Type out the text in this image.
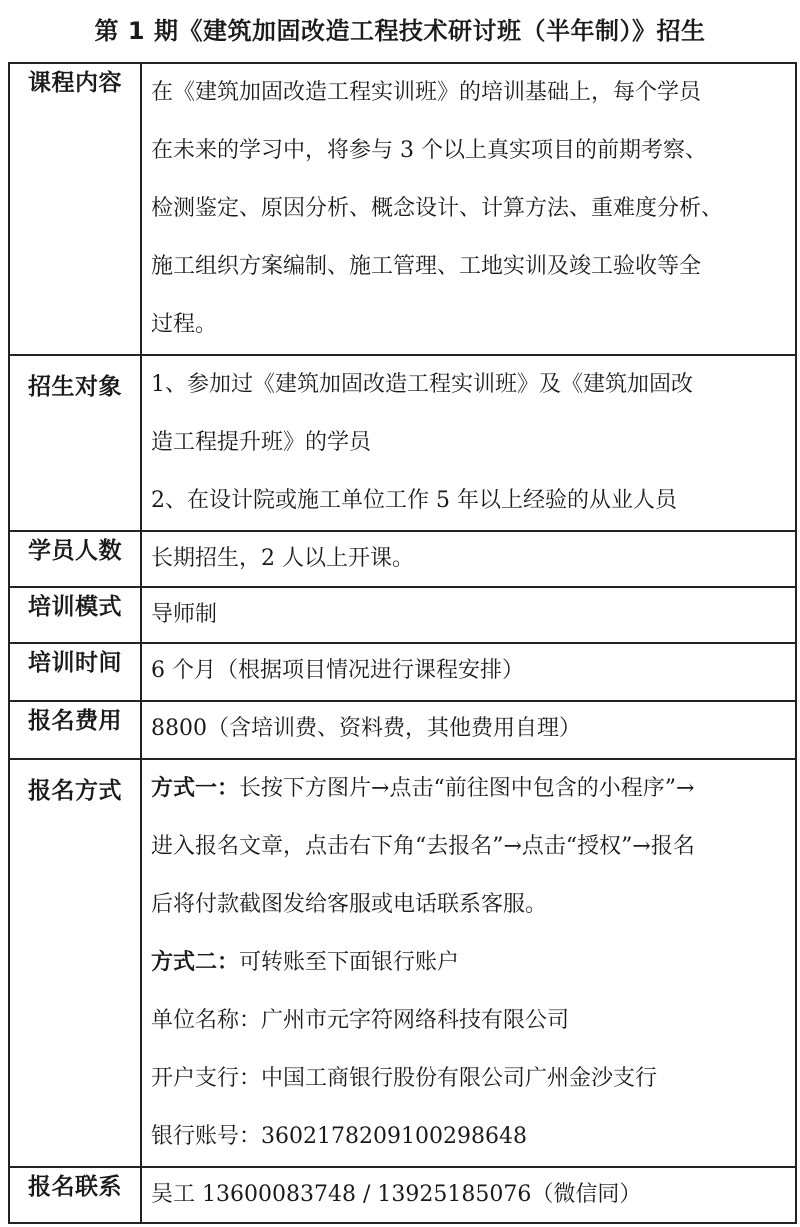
第 1 期《建筑加固改造工程技术研讨班（半年制）》招生
课程内容	在《建筑加固改造工程实训班》的培训基础上，每个学员
在未来的学习中，将参与 3 个以上真实项目的前期考察、
检测鉴定、原因分析、概念设计、计算方法、重难度分析、
施工组织方案编制、施工管理、工地实训及竣工验收等全
过程。

招生对象	1、参加过《建筑加固改造工程实训班》及《建筑加固改
造工程提升班》的学员
2、在设计院或施工单位工作 5 年以上经验的从业人员

学员人数	长期招生，2 人以上开课。

培训模式	导师制

培训时间	6 个月（根据项目情况进行课程安排）

报名费用	8800（含培训费、资料费，其他费用自理）

报名方式	方式一：长按下方图片→点击“前往图中包含的小程序”→
进入报名文章，点击右下角“去报名”→点击“授权”→报名
后将付款截图发给客服或电话联系客服。
方式二：可转账至下面银行账户
单位名称：广州市元字符网络科技有限公司
开户支行：中国工商银行股份有限公司广州金沙支行
银行账号：3602178209100298648

报名联系	吴工 13600083748 / 13925185076（微信同）
